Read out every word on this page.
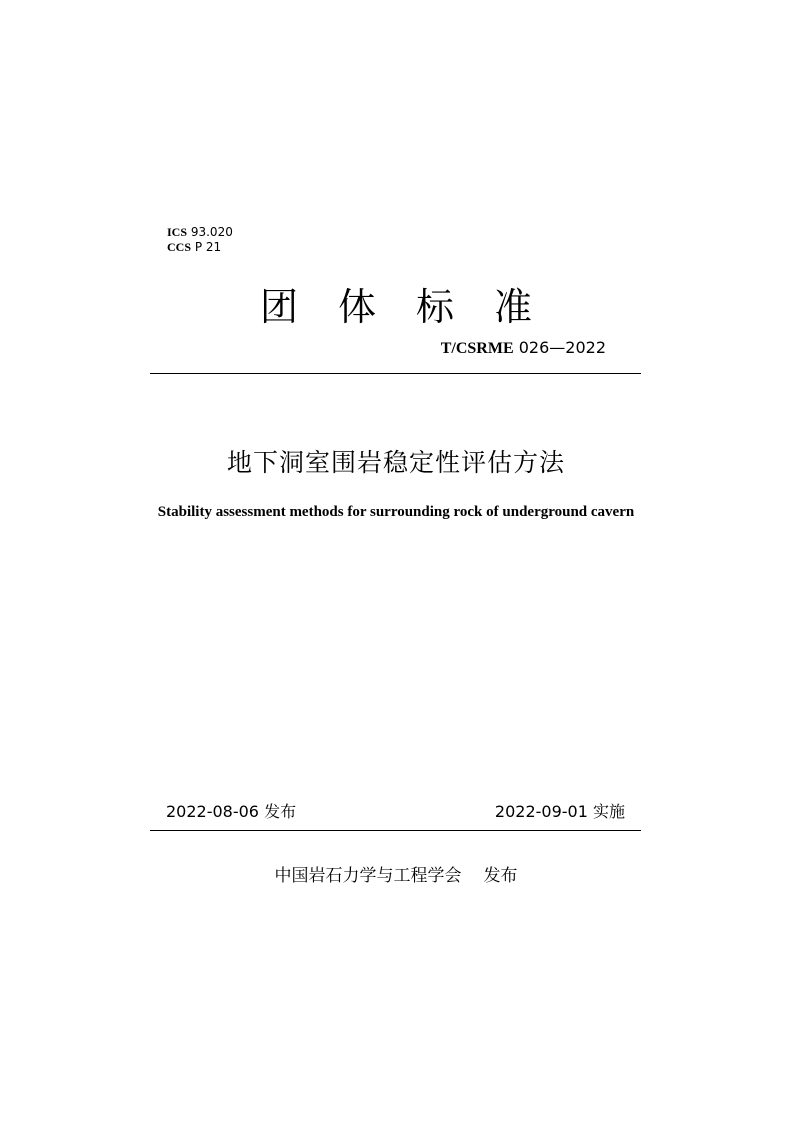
ICS 93.020
CCS P 21
团体标准
T/CSRME 026—2022
地下洞室围岩稳定性评估方法
Stability assessment methods for surrounding rock of underground cavern
2022-08-06 发布	2022-09-01 实施
中国岩石力学与工程学会 发布
